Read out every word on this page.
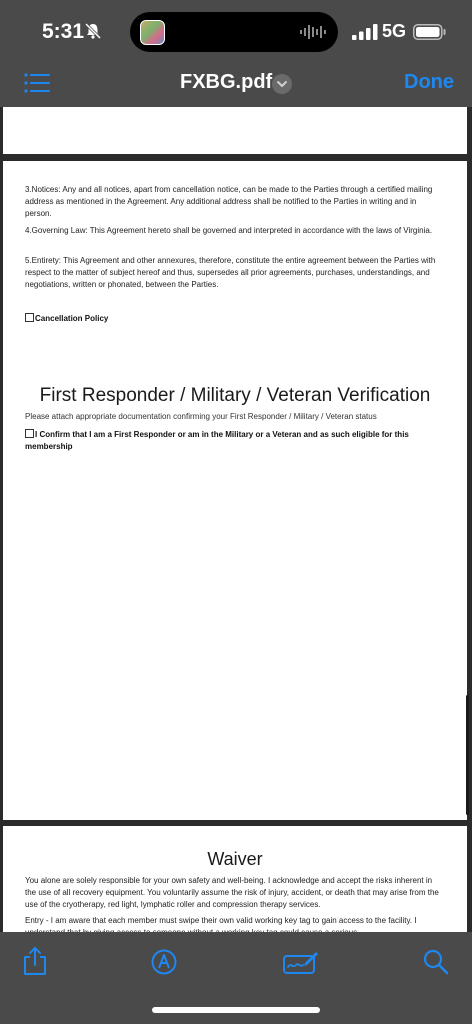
5:31	5G
FXBG.pdf	Done

3.Notices: Any and all notices, apart from cancellation notice, can be made to the Parties through a certified mailing address as mentioned in the Agreement. Any additional address shall be notified to the Parties in writing and in person.

4.Governing Law: This Agreement hereto shall be governed and interpreted in accordance with the laws of Virginia.

5.Entirety: This Agreement and other annexures, therefore, constitute the entire agreement between the Parties with respect to the matter of subject hereof and thus, supersedes all prior agreements, purchases, understandings, and negotiations, written or phonated, between the Parties.

Cancellation Policy
First Responder / Military / Veteran Verification
Please attach appropriate documentation confirming your First Responder / Military / Veteran status
I Confirm that I am a First Responder or am in the Military or a Veteran and as such eligible for this membership
Waiver

You alone are solely responsible for your own safety and well-being. I acknowledge and accept the risks inherent in the use of all recovery equipment. You voluntarily assume the risk of injury, accident, or death that may arise from the use of the cryotherapy, red light, lymphatic roller and compression therapy services.

Entry - I am aware that each member must swipe their own valid working key tag to gain access to the facility. I
